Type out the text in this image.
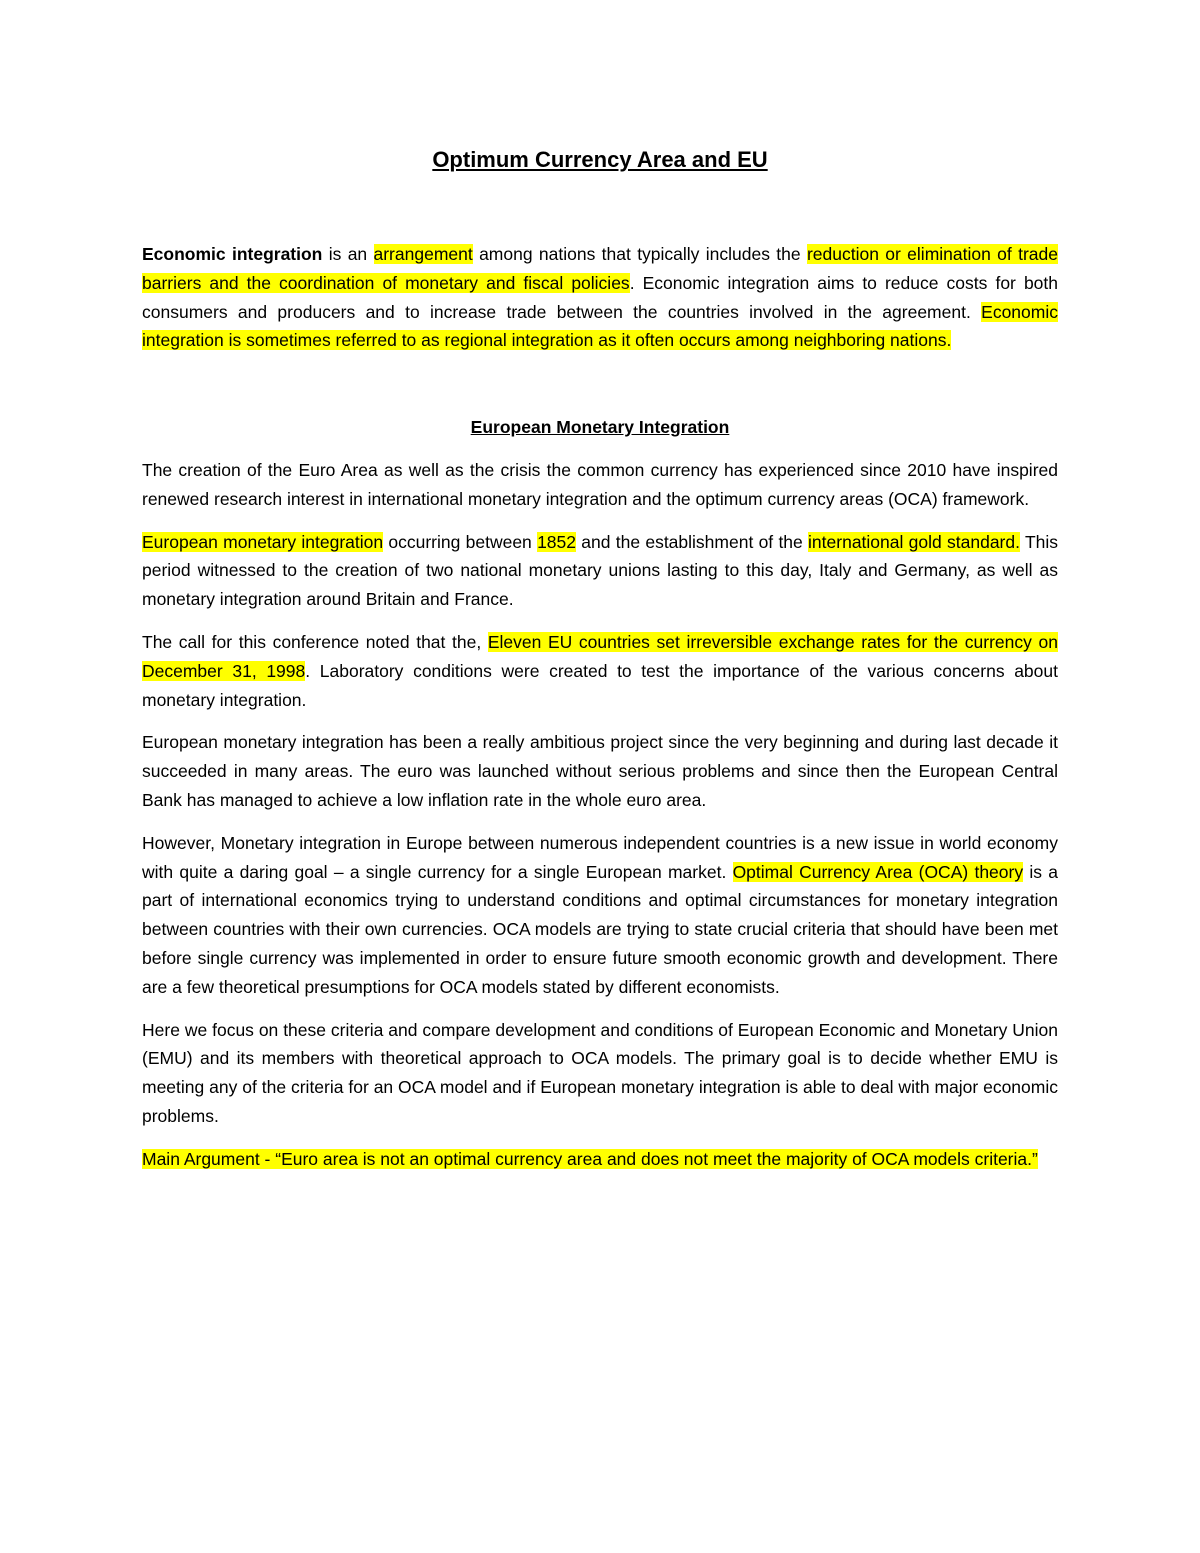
Optimum Currency Area and EU

Economic integration is an arrangement among nations that typically includes the reduction or elimination of trade barriers and the coordination of monetary and fiscal policies. Economic integration aims to reduce costs for both consumers and producers and to increase trade between the countries involved in the agreement. Economic integration is sometimes referred to as regional integration as it often occurs among neighboring nations.

European Monetary Integration

The creation of the Euro Area as well as the crisis the common currency has experienced since 2010 have inspired renewed research interest in international monetary integration and the optimum currency areas (OCA) framework.

European monetary integration occurring between 1852 and the establishment of the international gold standard. This period witnessed to the creation of two national monetary unions lasting to this day, Italy and Germany, as well as monetary integration around Britain and France.

The call for this conference noted that the, Eleven EU countries set irreversible exchange rates for the currency on December 31, 1998. Laboratory conditions were created to test the importance of the various concerns about monetary integration.

European monetary integration has been a really ambitious project since the very beginning and during last decade it succeeded in many areas. The euro was launched without serious problems and since then the European Central Bank has managed to achieve a low inflation rate in the whole euro area.

However, Monetary integration in Europe between numerous independent countries is a new issue in world economy with quite a daring goal – a single currency for a single European market. Optimal Currency Area (OCA) theory is a part of international economics trying to understand conditions and optimal circumstances for monetary integration between countries with their own currencies. OCA models are trying to state crucial criteria that should have been met before single currency was implemented in order to ensure future smooth economic growth and development. There are a few theoretical presumptions for OCA models stated by different economists.

Here we focus on these criteria and compare development and conditions of European Economic and Monetary Union (EMU) and its members with theoretical approach to OCA models. The primary goal is to decide whether EMU is meeting any of the criteria for an OCA model and if European monetary integration is able to deal with major economic problems.

Main Argument - “Euro area is not an optimal currency area and does not meet the majority of OCA models criteria.”
